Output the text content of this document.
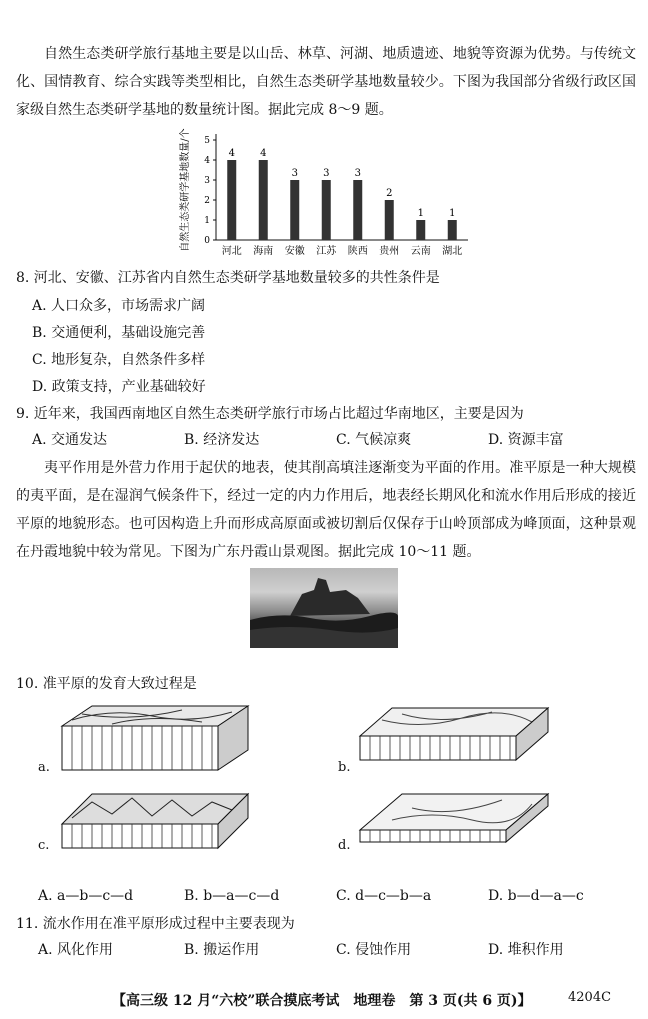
自然生态类研学旅行基地主要是以山岳、林草、河湖、地质遗迹、地貌等资源为优势。与传统文化、国情教育、综合实践等类型相比，自然生态类研学基地数量较少。下图为我国部分省级行政区国家级自然生态类研学基地的数量统计图。据此完成 8～9 题。

0
1
2
3
4
5
自然生态类研学基地数量/个	4
河北
4
海南
3
安徽
3
江苏
3
陕西
2
贵州
1
云南
1
湖北

8. 河北、安徽、江苏省内自然生态类研学基地数量较多的共性条件是

A. 人口众多，市场需求广阔

B. 交通便利，基础设施完善

C. 地形复杂，自然条件多样

D. 政策支持，产业基础较好

9. 近年来，我国西南地区自然生态类研学旅行市场占比超过华南地区，主要是因为

A. 交通发达	B. 经济发达	C. 气候凉爽	D. 资源丰富

夷平作用是外营力作用于起伏的地表，使其削高填洼逐渐变为平面的作用。准平原是一种大规模的夷平面，是在湿润气候条件下，经过一定的内力作用后，地表经长期风化和流水作用后形成的接近平原的地貌形态。也可因构造上升而形成高原面或被切割后仅保存于山岭顶部成为峰顶面，这种景观在丹霞地貌中较为常见。下图为广东丹霞山景观图。据此完成 10～11 题。

10. 准平原的发育大致过程是

a.	b.
c.	d.

A. a—b—c—d	B. b—a—c—d	C. d—c—b—a	D. b—d—a—c

11. 流水作用在准平原形成过程中主要表现为

A. 风化作用	B. 搬运作用	C. 侵蚀作用	D. 堆积作用

【高三级 12 月“六校”联合摸底考试　地理卷　第 3 页(共 6 页)】	4204C
